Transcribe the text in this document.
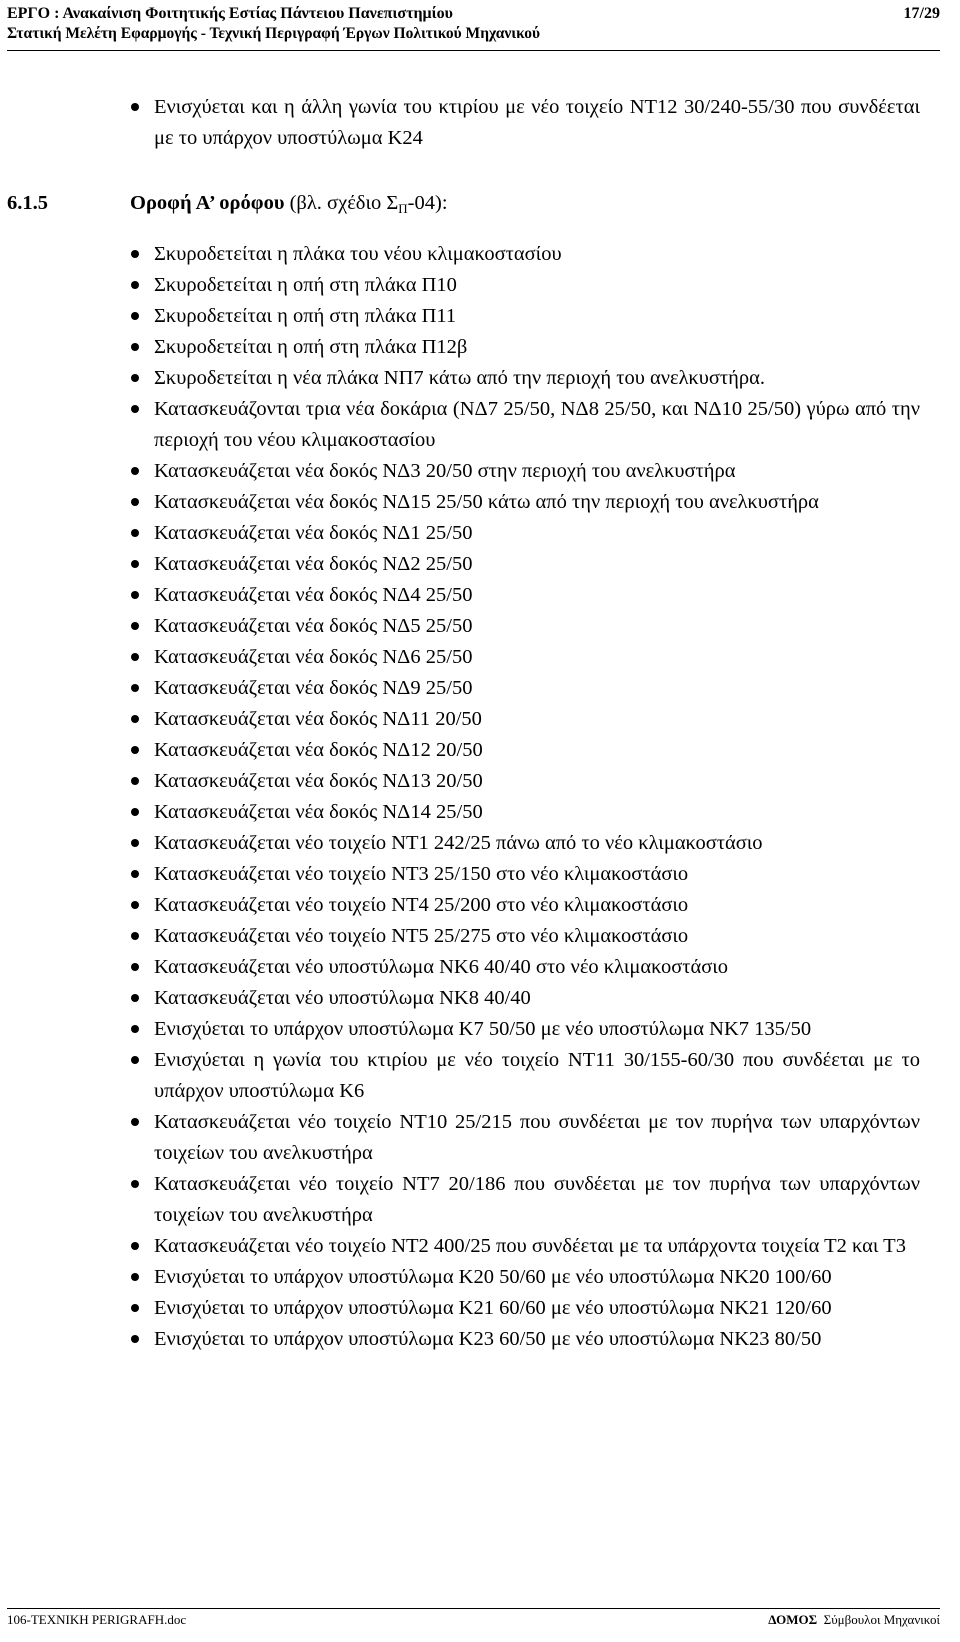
ΕΡΓΟ : Ανακαίνιση Φοιτητικής Εστίας Πάντειου Πανεπιστημίου	17/29
Στατική Μελέτη Εφαρμογής - Τεχνική Περιγραφή Έργων Πολιτικού Μηχανικού
Ενισχύεται και η άλλη γωνία του κτιρίου με νέο τοιχείο ΝΤ12 30/240-55/30 που συνδέεται με το υπάρχον υποστύλωμα Κ24
6.1.5	Οροφή Α’ ορόφου (βλ. σχέδιο $\Sigma_\Pi-04$):
Σκυροδετείται η πλάκα του νέου κλιμακοστασίου
Σκυροδετείται η οπή στη πλάκα Π10
Σκυροδετείται η οπή στη πλάκα Π11
Σκυροδετείται η οπή στη πλάκα Π12β
Σκυροδετείται η νέα πλάκα ΝΠ7 κάτω από την περιοχή του ανελκυστήρα.
Κατασκευάζονται τρια νέα δοκάρια (ΝΔ7 25/50, ΝΔ8 25/50, και ΝΔ10 25/50) γύρω από την περιοχή του νέου κλιμακοστασίου
Κατασκευάζεται νέα δοκός ΝΔ3 20/50 στην περιοχή του ανελκυστήρα
Κατασκευάζεται νέα δοκός ΝΔ15 25/50 κάτω από την περιοχή του ανελκυστήρα
Κατασκευάζεται νέα δοκός ΝΔ1 25/50
Κατασκευάζεται νέα δοκός ΝΔ2 25/50
Κατασκευάζεται νέα δοκός ΝΔ4 25/50
Κατασκευάζεται νέα δοκός ΝΔ5 25/50
Κατασκευάζεται νέα δοκός ΝΔ6 25/50
Κατασκευάζεται νέα δοκός ΝΔ9 25/50
Κατασκευάζεται νέα δοκός ΝΔ11 20/50
Κατασκευάζεται νέα δοκός ΝΔ12 20/50
Κατασκευάζεται νέα δοκός ΝΔ13 20/50
Κατασκευάζεται νέα δοκός ΝΔ14 25/50
Κατασκευάζεται νέο τοιχείο ΝΤ1 242/25 πάνω από το νέο κλιμακοστάσιο
Κατασκευάζεται νέο τοιχείο ΝΤ3 25/150 στο νέο κλιμακοστάσιο
Κατασκευάζεται νέο τοιχείο ΝΤ4 25/200 στο νέο κλιμακοστάσιο
Κατασκευάζεται νέο τοιχείο ΝΤ5 25/275 στο νέο κλιμακοστάσιο
Κατασκευάζεται νέο υποστύλωμα ΝΚ6 40/40 στο νέο κλιμακοστάσιο
Κατασκευάζεται νέο υποστύλωμα ΝΚ8 40/40
Ενισχύεται το υπάρχον υποστύλωμα Κ7 50/50 με νέο υποστύλωμα ΝΚ7 135/50
Ενισχύεται η γωνία του κτιρίου με νέο τοιχείο ΝΤ11 30/155-60/30 που συνδέεται με το υπάρχον υποστύλωμα Κ6
Κατασκευάζεται νέο τοιχείο ΝΤ10 25/215 που συνδέεται με τον πυρήνα των υπαρχόντων τοιχείων του ανελκυστήρα
Κατασκευάζεται νέο τοιχείο ΝΤ7 20/186 που συνδέεται με τον πυρήνα των υπαρχόντων τοιχείων του ανελκυστήρα
Κατασκευάζεται νέο τοιχείο ΝΤ2 400/25 που συνδέεται με τα υπάρχοντα τοιχεία Τ2 και Τ3
Ενισχύεται το υπάρχον υποστύλωμα Κ20 50/60 με νέο υποστύλωμα ΝΚ20 100/60
Ενισχύεται το υπάρχον υποστύλωμα Κ21 60/60 με νέο υποστύλωμα ΝΚ21 120/60
Ενισχύεται το υπάρχον υποστύλωμα Κ23 60/50 με νέο υποστύλωμα ΝΚ23 80/50
106-ΤΕΧΝΙΚΗ PERIGRAFH.doc	ΔΟΜΟΣ Σύμβουλοι Μηχανικοί
